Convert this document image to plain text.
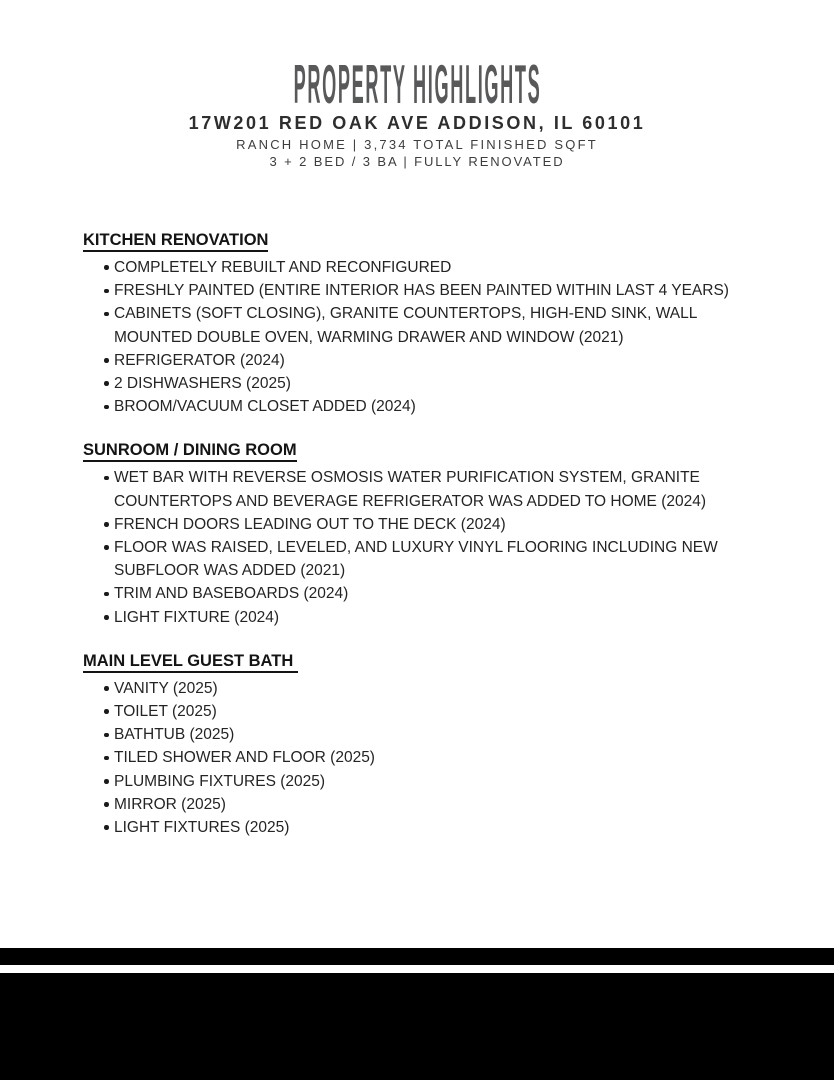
PROPERTY HIGHLIGHTS
17W201 RED OAK AVE ADDISON, IL 60101
RANCH HOME | 3,734 TOTAL FINISHED SQFT
3 + 2 BED / 3 BA | FULLY RENOVATED
KITCHEN RENOVATION
COMPLETELY REBUILT AND RECONFIGURED
FRESHLY PAINTED (ENTIRE INTERIOR HAS BEEN PAINTED WITHIN LAST 4 YEARS)
CABINETS (SOFT CLOSING), GRANITE COUNTERTOPS, HIGH-END SINK, WALL MOUNTED DOUBLE OVEN, WARMING DRAWER AND WINDOW (2021)
REFRIGERATOR (2024)
2 DISHWASHERS (2025)
BROOM/VACUUM CLOSET ADDED (2024)
SUNROOM / DINING ROOM
WET BAR WITH REVERSE OSMOSIS WATER PURIFICATION SYSTEM, GRANITE COUNTERTOPS AND BEVERAGE REFRIGERATOR WAS ADDED TO HOME (2024)
FRENCH DOORS LEADING OUT TO THE DECK (2024)
FLOOR WAS RAISED, LEVELED, AND LUXURY VINYL FLOORING INCLUDING NEW SUBFLOOR WAS ADDED (2021)
TRIM AND BASEBOARDS (2024)
LIGHT FIXTURE (2024)
MAIN LEVEL GUEST BATH
VANITY (2025)
TOILET (2025)
BATHTUB (2025)
TILED SHOWER AND FLOOR (2025)
PLUMBING FIXTURES (2025)
MIRROR (2025)
LIGHT FIXTURES (2025)
